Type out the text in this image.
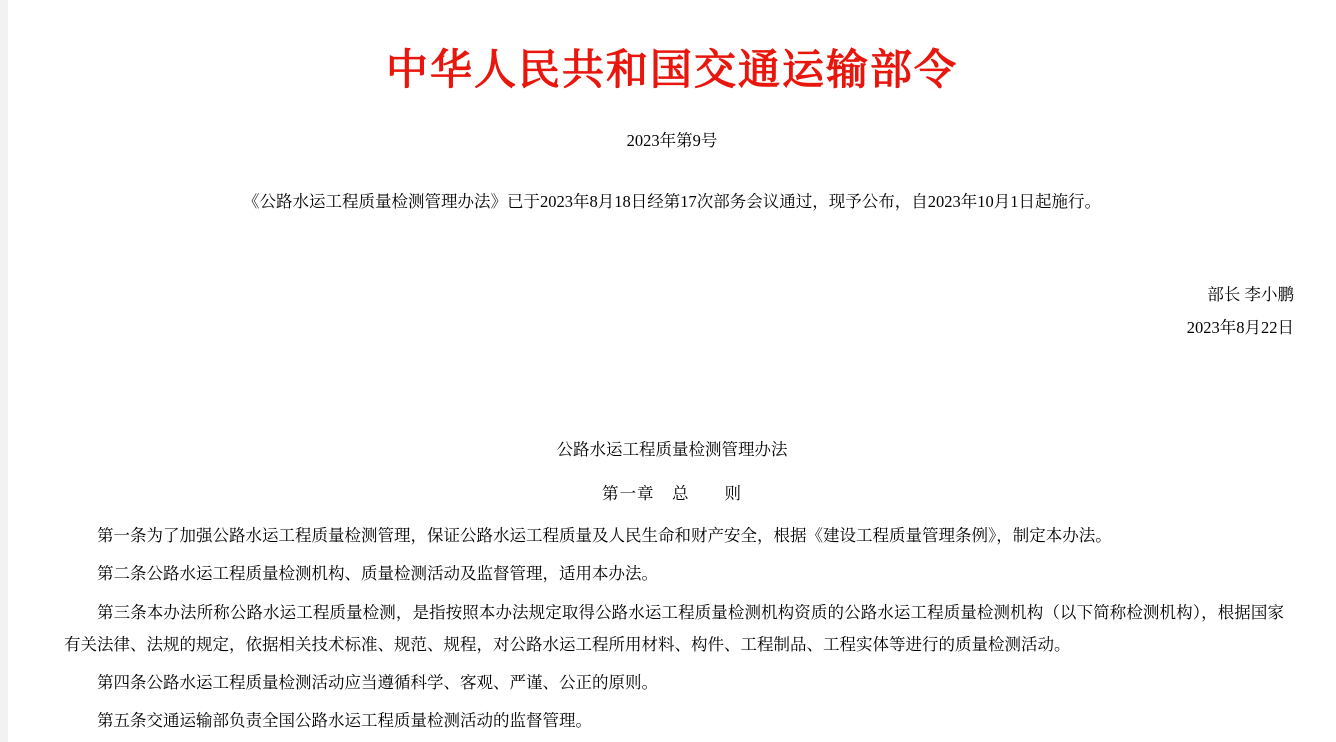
中华人民共和国交通运输部令
2023年第9号
《公路水运工程质量检测管理办法》已于2023年8月18日经第17次部务会议通过，现予公布，自2023年10月1日起施行。
部长 李小鹏
2023年8月22日
公路水运工程质量检测管理办法
第一章　总　　则

第一条为了加强公路水运工程质量检测管理，保证公路水运工程质量及人民生命和财产安全，根据《建设工程质量管理条例》，制定本办法。

第二条公路水运工程质量检测机构、质量检测活动及监督管理，适用本办法。

第三条本办法所称公路水运工程质量检测，是指按照本办法规定取得公路水运工程质量检测机构资质的公路水运工程质量检测机构（以下简称检测机构），根据国家有关法律、法规的规定，依据相关技术标准、规范、规程，对公路水运工程所用材料、构件、工程制品、工程实体等进行的质量检测活动。

第四条公路水运工程质量检测活动应当遵循科学、客观、严谨、公正的原则。

第五条交通运输部负责全国公路水运工程质量检测活动的监督管理。
